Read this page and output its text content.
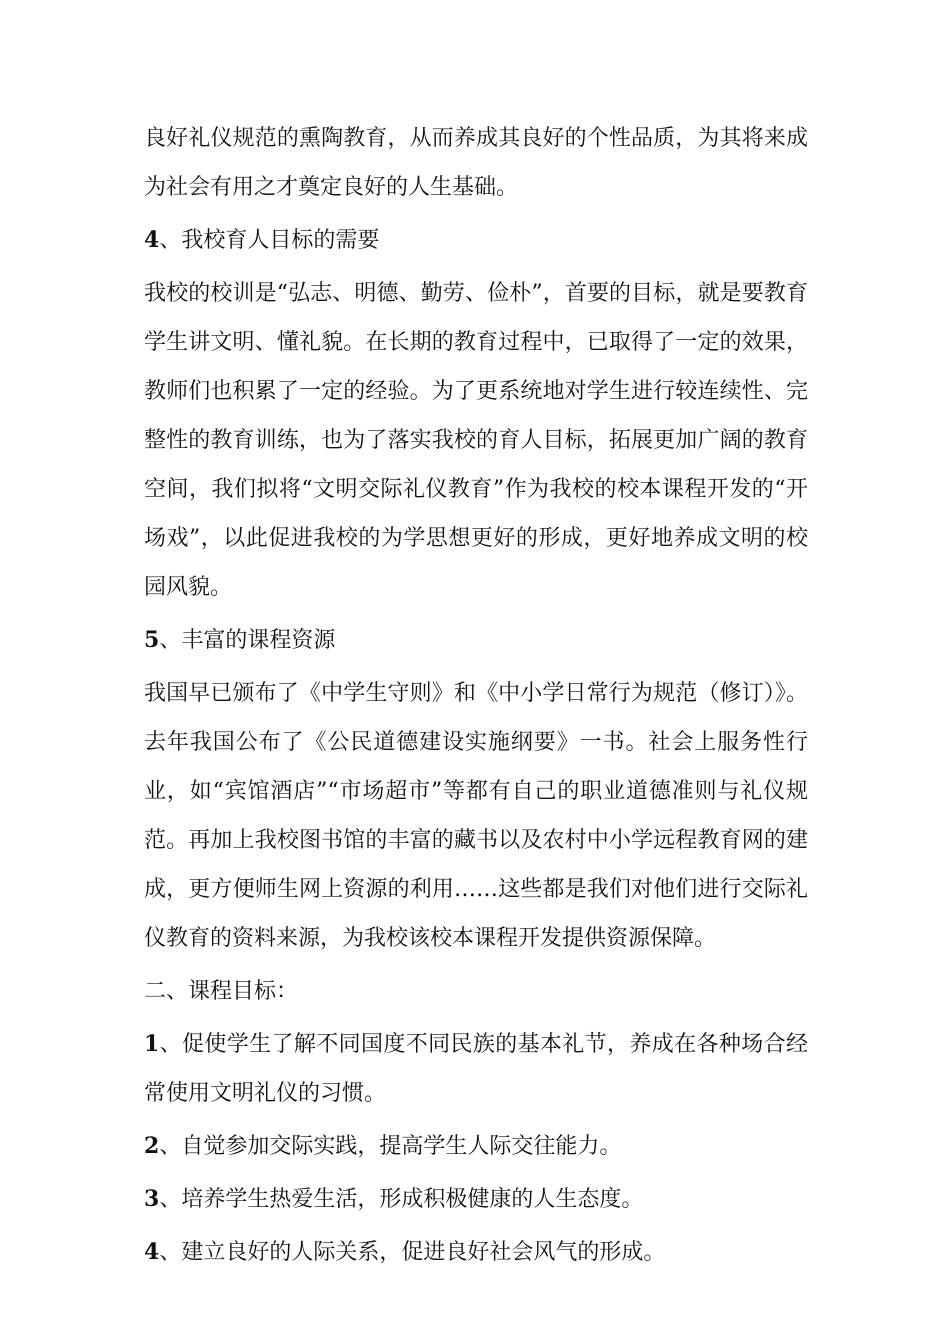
良好礼仪规范的熏陶教育，从而养成其良好的个性品质，为其将来成为社会有用之才奠定良好的人生基础。

4、我校育人目标的需要

我校的校训是“弘志、明德、勤劳、俭朴”，首要的目标，就是要教育学生讲文明、懂礼貌。在长期的教育过程中，已取得了一定的效果，教师们也积累了一定的经验。为了更系统地对学生进行较连续性、完整性的教育训练，也为了落实我校的育人目标，拓展更加广阔的教育空间，我们拟将“文明交际礼仪教育”作为我校的校本课程开发的“开场戏”，以此促进我校的为学思想更好的形成，更好地养成文明的校园风貌。

5、丰富的课程资源

我国早已颁布了《中学生守则》和《中小学日常行为规范（修订）》。去年我国公布了《公民道德建设实施纲要》一书。社会上服务性行业，如“宾馆酒店”“市场超市”等都有自己的职业道德准则与礼仪规范。再加上我校图书馆的丰富的藏书以及农村中小学远程教育网的建成，更方便师生网上资源的利用……这些都是我们对他们进行交际礼仪教育的资料来源，为我校该校本课程开发提供资源保障。

二、课程目标：

1、促使学生了解不同国度不同民族的基本礼节，养成在各种场合经常使用文明礼仪的习惯。

2、自觉参加交际实践，提高学生人际交往能力。

3、培养学生热爱生活，形成积极健康的人生态度。

4、建立良好的人际关系，促进良好社会风气的形成。
